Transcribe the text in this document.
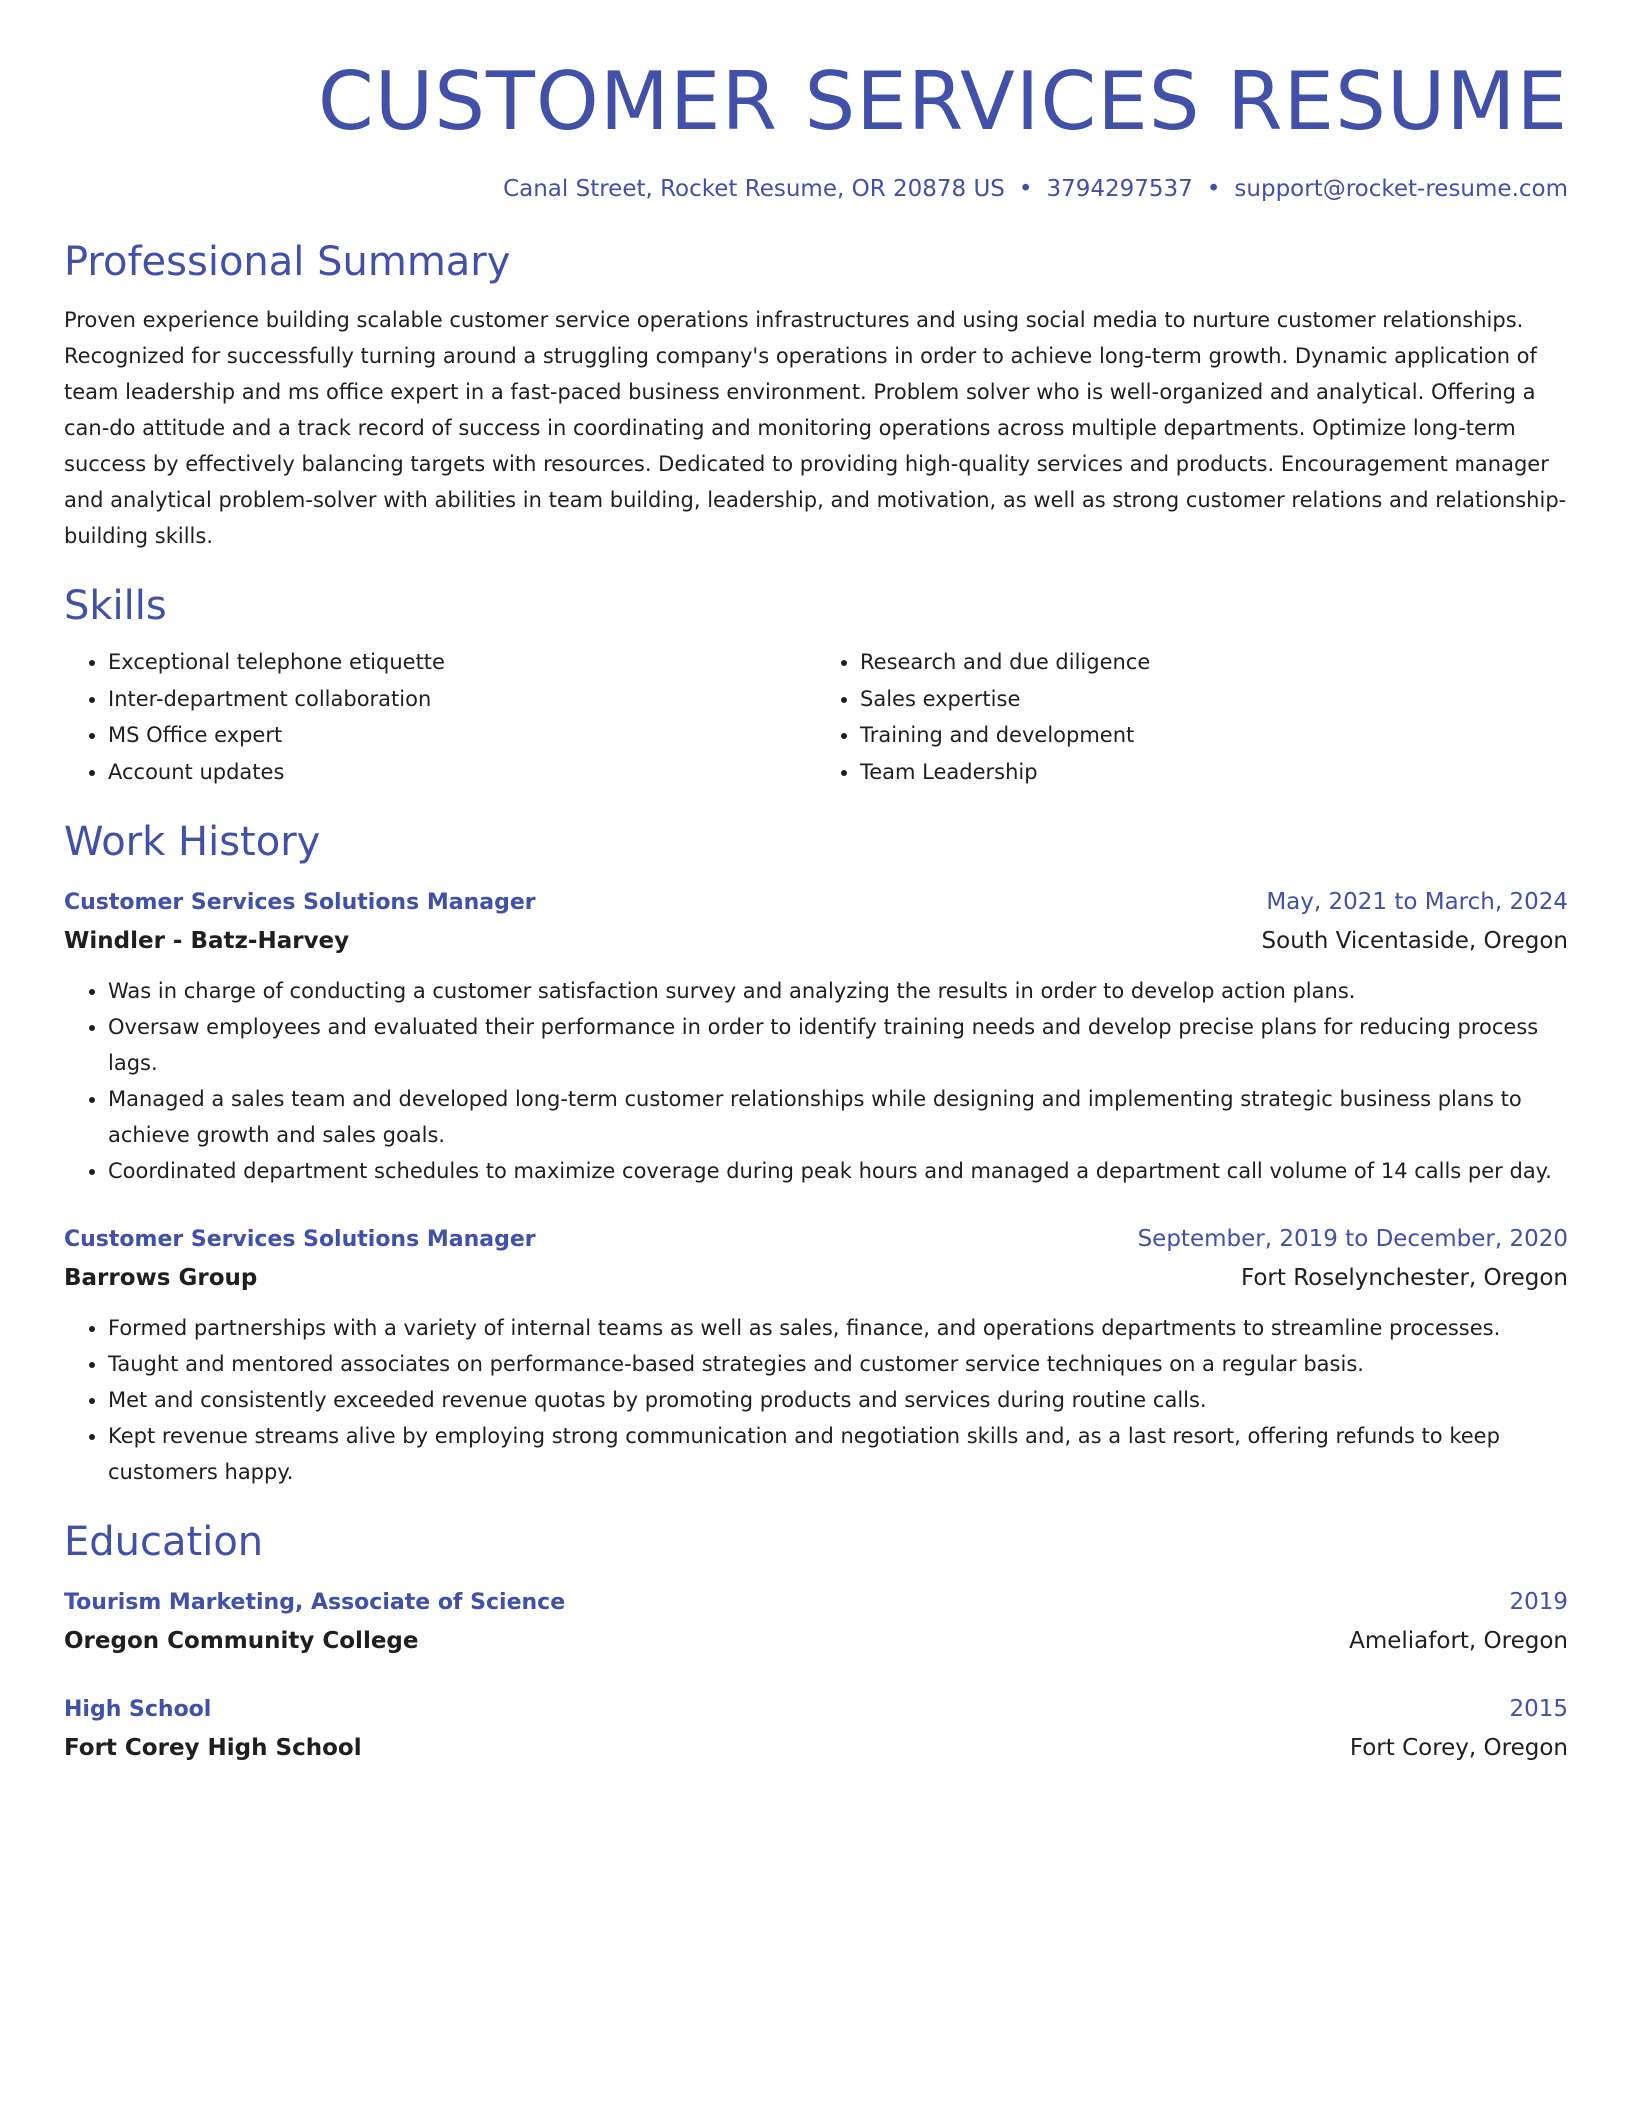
CUSTOMER SERVICES RESUME
Canal Street, Rocket Resume, OR 20878 US • 3794297537 • support@rocket-resume.com
Professional Summary

Proven experience building scalable customer service operations infrastructures and using social media to nurture customer relationships. Recognized for successfully turning around a struggling company's operations in order to achieve long-term growth. Dynamic application of team leadership and ms office expert in a fast-paced business environment. Problem solver who is well-organized and analytical. Offering a can-do attitude and a track record of success in coordinating and monitoring operations across multiple departments. Optimize long-term success by effectively balancing targets with resources. Dedicated to providing high-quality services and products. Encouragement manager and analytical problem-solver with abilities in team building, leadership, and motivation, as well as strong customer relations and relationship-building skills.

Skills
• Exceptional telephone etiquette
• Inter-department collaboration
• MS Office expert
• Account updates
• Research and due diligence
• Sales expertise
• Training and development
• Team Leadership
Work History
Customer Services Solutions Manager	May, 2021 to March, 2024
Windler - Batz-Harvey	South Vicentaside, Oregon
• Was in charge of conducting a customer satisfaction survey and analyzing the results in order to develop action plans.
• Oversaw employees and evaluated their performance in order to identify training needs and develop precise plans for reducing process lags.
• Managed a sales team and developed long-term customer relationships while designing and implementing strategic business plans to achieve growth and sales goals.
• Coordinated department schedules to maximize coverage during peak hours and managed a department call volume of 14 calls per day.
Customer Services Solutions Manager	September, 2019 to December, 2020
Barrows Group	Fort Roselynchester, Oregon
• Formed partnerships with a variety of internal teams as well as sales, finance, and operations departments to streamline processes.
• Taught and mentored associates on performance-based strategies and customer service techniques on a regular basis.
• Met and consistently exceeded revenue quotas by promoting products and services during routine calls.
• Kept revenue streams alive by employing strong communication and negotiation skills and, as a last resort, offering refunds to keep customers happy.
Education
Tourism Marketing, Associate of Science	2019
Oregon Community College	Ameliafort, Oregon
High School	2015
Fort Corey High School	Fort Corey, Oregon
